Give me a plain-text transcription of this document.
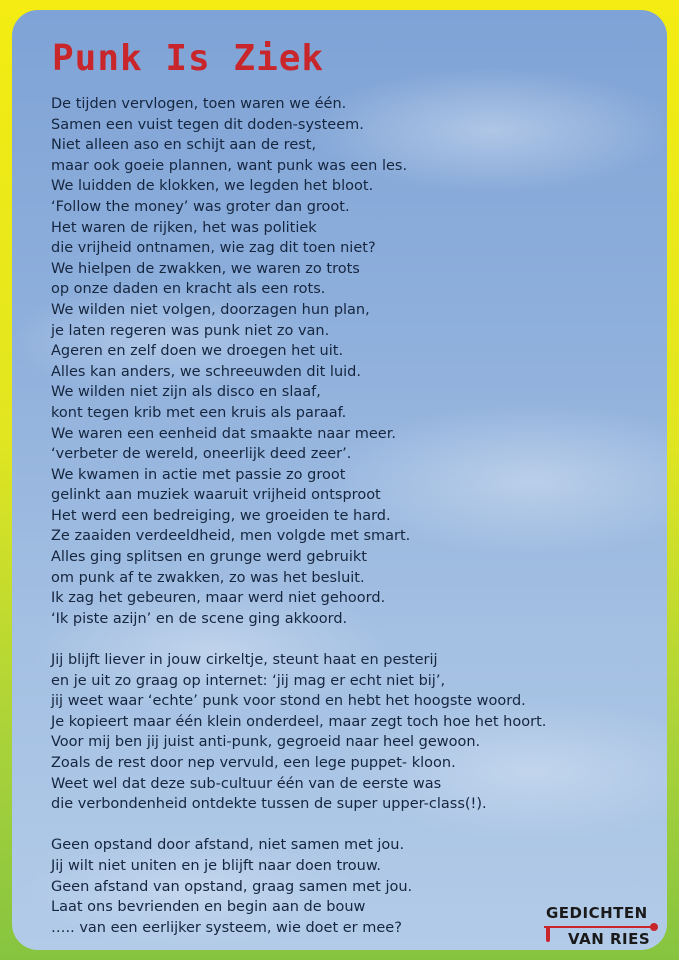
Punk Is Ziek
De tijden vervlogen, toen waren we één.
Samen een vuist tegen dit doden-systeem.
Niet alleen aso en schijt aan de rest,
maar ook goeie plannen, want punk was een les.
We luidden de klokken, we legden het bloot.
‘Follow the money’ was groter dan groot.
Het waren de rijken, het was politiek
die vrijheid ontnamen, wie zag dit toen niet?
We hielpen de zwakken, we waren zo trots
op onze daden en kracht als een rots.
We wilden niet volgen, doorzagen hun plan,
je laten regeren was punk niet zo van.
Ageren en zelf doen we droegen het uit.
Alles kan anders, we schreeuwden dit luid.
We wilden niet zijn als disco en slaaf,
kont tegen krib met een kruis als paraaf.
We waren een eenheid dat smaakte naar meer.
‘verbeter de wereld, oneerlijk deed zeer’.
We kwamen in actie met passie zo groot
gelinkt aan muziek waaruit vrijheid ontsproot
Het werd een bedreiging, we groeiden te hard.
Ze zaaiden verdeeldheid, men volgde met smart.
Alles ging splitsen en grunge werd gebruikt
om punk af te zwakken, zo was het besluit.
Ik zag het gebeuren, maar werd niet gehoord.
‘Ik piste azijn’ en de scene ging akkoord.
Jij blijft liever in jouw cirkeltje, steunt haat en pesterij
en je uit zo graag op internet: ‘jij mag er echt niet bij’,
jij weet waar ‘echte’ punk voor stond en hebt het hoogste woord.
Je kopieert maar één klein onderdeel, maar zegt toch hoe het hoort.
Voor mij ben jij juist anti-punk, gegroeid naar heel gewoon.
Zoals de rest door nep vervuld, een lege puppet- kloon.
Weet wel dat deze sub-cultuur één van de eerste was
die verbondenheid ontdekte tussen de super upper-class(!).
Geen opstand door afstand, niet samen met jou.
Jij wilt niet uniten en je blijft naar doen trouw.
Geen afstand van opstand, graag samen met jou.
Laat ons bevrienden en begin aan de bouw
….. van een eerlijker systeem, wie doet er mee?
GEDICHTEN
VAN RIES
